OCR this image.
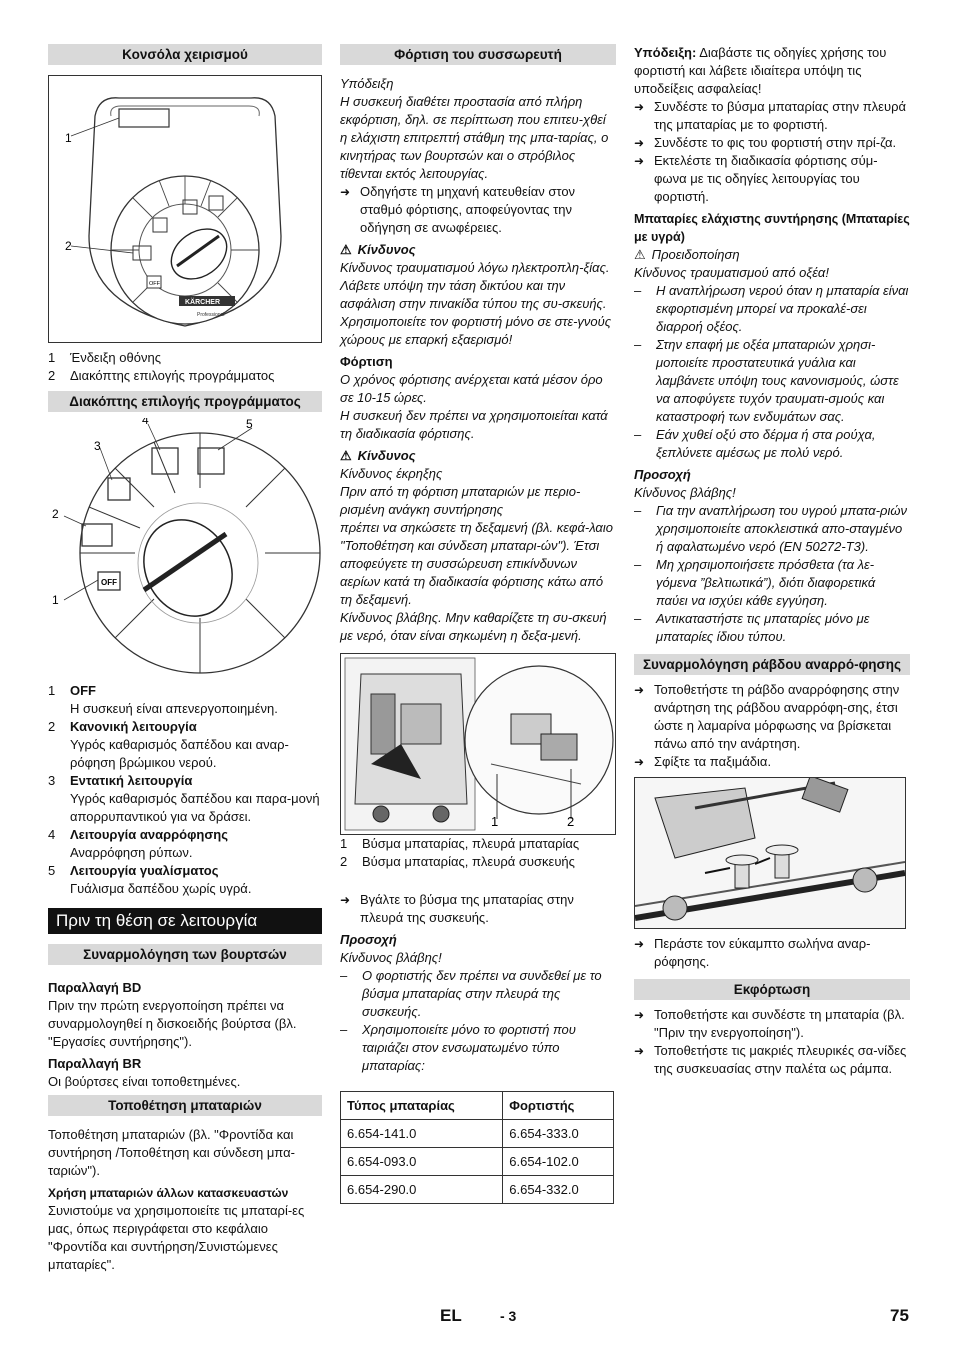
Κονσόλα χειρισμού
OFF
KÄRCHER
Professional
1
2
1	Ένδειξη οθόνης
2	Διακόπτης επιλογής προγράμματος
Διακόπτης επιλογής προγράμματος
OFF
1
2
3
4	5
1	OFF
Η συσκευή είναι απενεργοποιημένη.
2	Κανονική λειτουργία
Υγρός καθαρισμός δαπέδου και αναρ-ρόφηση βρώμικου νερού.
3	Εντατική λειτουργία
Υγρός καθαρισμός δαπέδου και παρα-μονή απορρυπαντικού για να δράσει.
4	Λειτουργία αναρρόφησης
Αναρρόφηση ρύπων.
5	Λειτουργία γυαλίσματος
Γυάλισμα δαπέδου χωρίς υγρά.
Πριν τη θέση σε λειτουργία
Συναρμολόγηση των βουρτσών

Παραλλαγή BD

Πριν την πρώτη ενεργοποίηση πρέπει να συναρμολογηθεί η δισκοειδής βούρτσα (βλ. "Εργασίες συντήρησης").

Παραλλαγή BR

Οι βούρτσες είναι τοποθετημένες.

Τοποθέτηση μπαταριών

Τοποθέτηση μπαταριών (βλ. "Φροντίδα και συντήρηση /Τοποθέτηση και σύνδεση μπα-ταριών").

Χρήση μπαταριών άλλων κατασκευαστών

Συνιστούμε να χρησιμοποιείτε τις μπαταρί-ες μας, όπως περιγράφεται στο κεφάλαιο "Φροντίδα και συντήρηση/Συνιστώμενες μπαταρίες".

Φόρτιση του συσσωρευτή

Υπόδειξη

Η συσκευή διαθέτει προστασία από πλήρη εκφόρτιση, δηλ. σε περίπτωση που επιτευ-χθεί η ελάχιστη επιτρεπτή στάθμη της μπα-ταρίας, ο κινητήρας των βουρτσών και ο στρόβιλος τίθενται εκτός λειτουργίας.

➜ Οδηγήστε τη μηχανή κατευθείαν στον σταθμό φόρτισης, αποφεύγοντας την οδήγηση σε ανωφέρειες.

⚠ Κίνδυνος

Κίνδυνος τραυματισμού λόγω ηλεκτροπλη-ξίας. Λάβετε υπόψη την τάση δικτύου και την ασφάλιση στην πινακίδα τύπου της συ-σκευής.

Χρησιμοποιείτε τον φορτιστή μόνο σε στε-γνούς χώρους με επαρκή εξαερισμό!

Φόρτιση

Ο χρόνος φόρτισης ανέρχεται κατά μέσον όρο σε 10-15 ώρες.

Η συσκευή δεν πρέπει να χρησιμοποιείται κατά τη διαδικασία φόρτισης.

⚠ Κίνδυνος

Κίνδυνος έκρηξης

Πριν από τη φόρτιση μπαταριών με περιο-ρισμένη ανάγκη συντήρησης

πρέπει να σηκώσετε τη δεξαμενή (βλ. κεφά-λαιο "Τοποθέτηση και σύνδεση μπαταρι-ών"). Έτσι αποφεύγετε τη συσσώρευση επικίνδυνων αερίων κατά τη διαδικασία φόρτισης κάτω από τη δεξαμενή.

Κίνδυνος βλάβης. Μην καθαρίζετε τη συ-σκευή με νερό, όταν είναι σηκωμένη η δεξα-μενή.

1	2
1	Βύσμα μπαταρίας, πλευρά μπαταρίας
2	Βύσμα μπαταρίας, πλευρά συσκευής
➜ Βγάλτε το βύσμα της μπαταρίας στην πλευρά της συσκευής.

Προσοχή

Κίνδυνος βλάβης!

–	Ο φορτιστής δεν πρέπει να συνδεθεί με το βύσμα μπαταρίας στην πλευρά της συσκευής.
–	Χρησιμοποιείτε μόνο το φορτιστή που ταιριάζει στον ενσωματωμένο τύπο μπαταρίας:
Τύπος μπαταρίας	Φορτιστής
6.654-141.0	6.654-333.0
6.654-093.0	6.654-102.0
6.654-290.0	6.654-332.0

Υπόδειξη: Διαβάστε τις οδηγίες χρήσης του φορτιστή και λάβετε ιδιαίτερα υπόψη τις υποδείξεις ασφαλείας!

➜ Συνδέστε το βύσμα μπαταρίας στην πλευρά της μπαταρίας με το φορτιστή.
➜ Συνδέστε το φις του φορτιστή στην πρί-ζα.
➜ Εκτελέστε τη διαδικασία φόρτισης σύμ-φωνα με τις οδηγίες λειτουργίας του φορτιστή.

Μπαταρίες ελάχιστης συντήρησης (Μπαταρίες με υγρά)

⚠ Προειδοποίηση

Κίνδυνος τραυματισμού από οξέα!

–	Η αναπλήρωση νερού όταν η μπαταρία είναι εκφορτισμένη μπορεί να προκαλέ-σει διαρροή οξέος.
–	Στην επαφή με οξέα μπαταριών χρησι-μοποιείτε προστατευτικά γυάλια και λαμβάνετε υπόψη τους κανονισμούς, ώστε να αποφύγετε τυχόν τραυματι-σμούς και καταστροφή των ενδυμάτων σας.
–	Εάν χυθεί οξύ στο δέρμα ή στα ρούχα, ξεπλύνετε αμέσως με πολύ νερό.

Προσοχή

Κίνδυνος βλάβης!

–	Για την αναπλήρωση του υγρού μπατα-ριών χρησιμοποιείτε αποκλειστικά απο-σταγμένο ή αφαλατωμένο νερό (EN 50272-T3).
–	Μη χρησιμοποιήσετε πρόσθετα (τα λε-γόμενα ”βελτιωτικά”), διότι διαφορετικά παύει να ισχύει κάθε εγγύηση.
–	Αντικαταστήστε τις μπαταρίες μόνο με μπαταρίες ίδιου τύπου.
Συναρμολόγηση ράβδου αναρρό-φησης
➜ Τοποθετήστε τη ράβδο αναρρόφησης στην ανάρτηση της ράβδου αναρρόφη-σης, έτσι ώστε η λαμαρίνα μόρφωσης να βρίσκεται πάνω από την ανάρτηση.
➜ Σφίξτε τα παξιμάδια.
➜ Περάστε τον εύκαμπτο σωλήνα αναρ-ρόφησης.
Εκφόρτωση
➜ Τοποθετήστε και συνδέστε τη μπαταρία (βλ. "Πριν την ενεργοποίηση").
➜ Τοποθετήστε τις μακριές πλευρικές σα-νίδες της συσκευασίας στην παλέτα ως ράμπα.
EL	- 3	75
